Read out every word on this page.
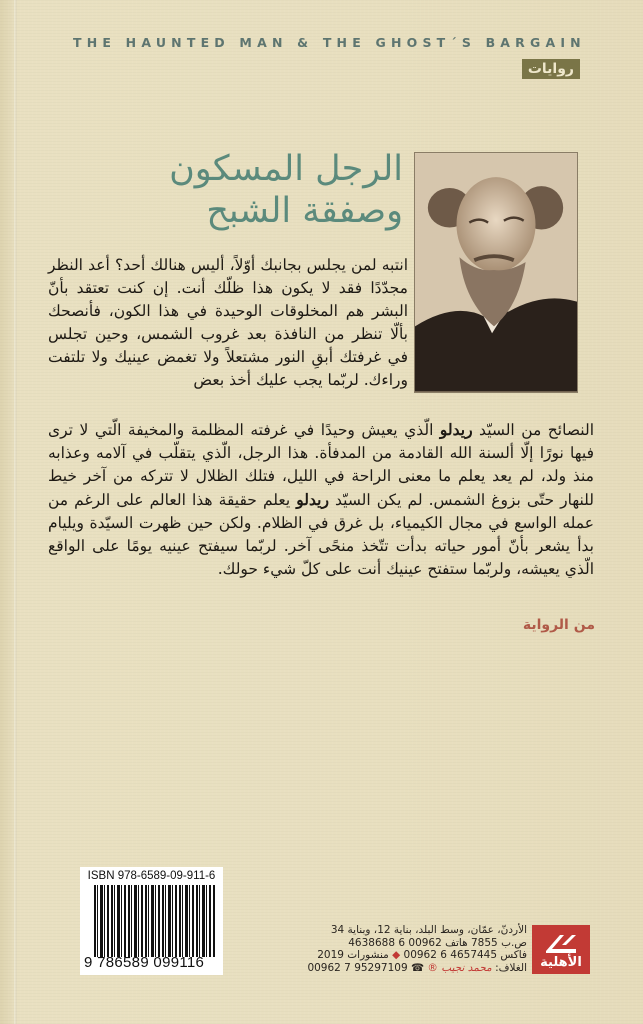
THE HAUNTED MAN & THE GHOST´S BARGAIN
روايات
الرجل المسكون
وصفقة الشبح

انتبه لمن يجلس بجانبك أوّلاً، أليس هنالك أحد؟ أعد النظر مجدّدًا فقد لا يكون هذا ظلّك أنت. إن كنت تعتقد بأنّ البشر هم المخلوقات الوحيدة في هذا الكون، فأنصحك بألّا تنظر من النافذة بعد غروب الشمس، وحين تجلس في غرفتك أبقِ النور مشتعلاً ولا تغمض عينيك ولا تلتفت وراءك. لربّما يجب عليك أخذ بعض

النصائح من السيّد ريدلو الّذي يعيش وحيدًا في غرفته المظلمة والمخيفة الّتي لا ترى فيها نورًا إلّا ألسنة الله القادمة من المدفأة. هذا الرجل، الّذي يتقلّب في آلامه وعذابه منذ ولد، لم يعد يعلم ما معنى الراحة في الليل، فتلك الظلال لا تتركه من آخر خيط للنهار حتّى بزوغ الشمس. لم يكن السيّد ريدلو يعلم حقيقة هذا العالم على الرغم من عمله الواسع في مجال الكيمياء، بل غرق في الظلام. ولكن حين ظهرت السيّدة ويليام بدأ يشعر بأنّ أمور حياته بدأت تتّخذ منحًى آخر. لربّما سيفتح عينيه يومًا على الواقع الّذي يعيشه، ولربّما ستفتح عينيك أنت على كلّ شيء حولك.

من الرواية
ISBN 978-6589-09-911-6
9 786589 099116	الأهلية
الأردنّ، عمّان، وسط البلد، بناية 12، وبناية 34
ص.ب 7855 هاتف 00962 6 4638688
فاكس 00962 6 4657445 ◆ منشورات 2019
الغلاف: محمد نجيب ® ☎ 00962 7 95297109
